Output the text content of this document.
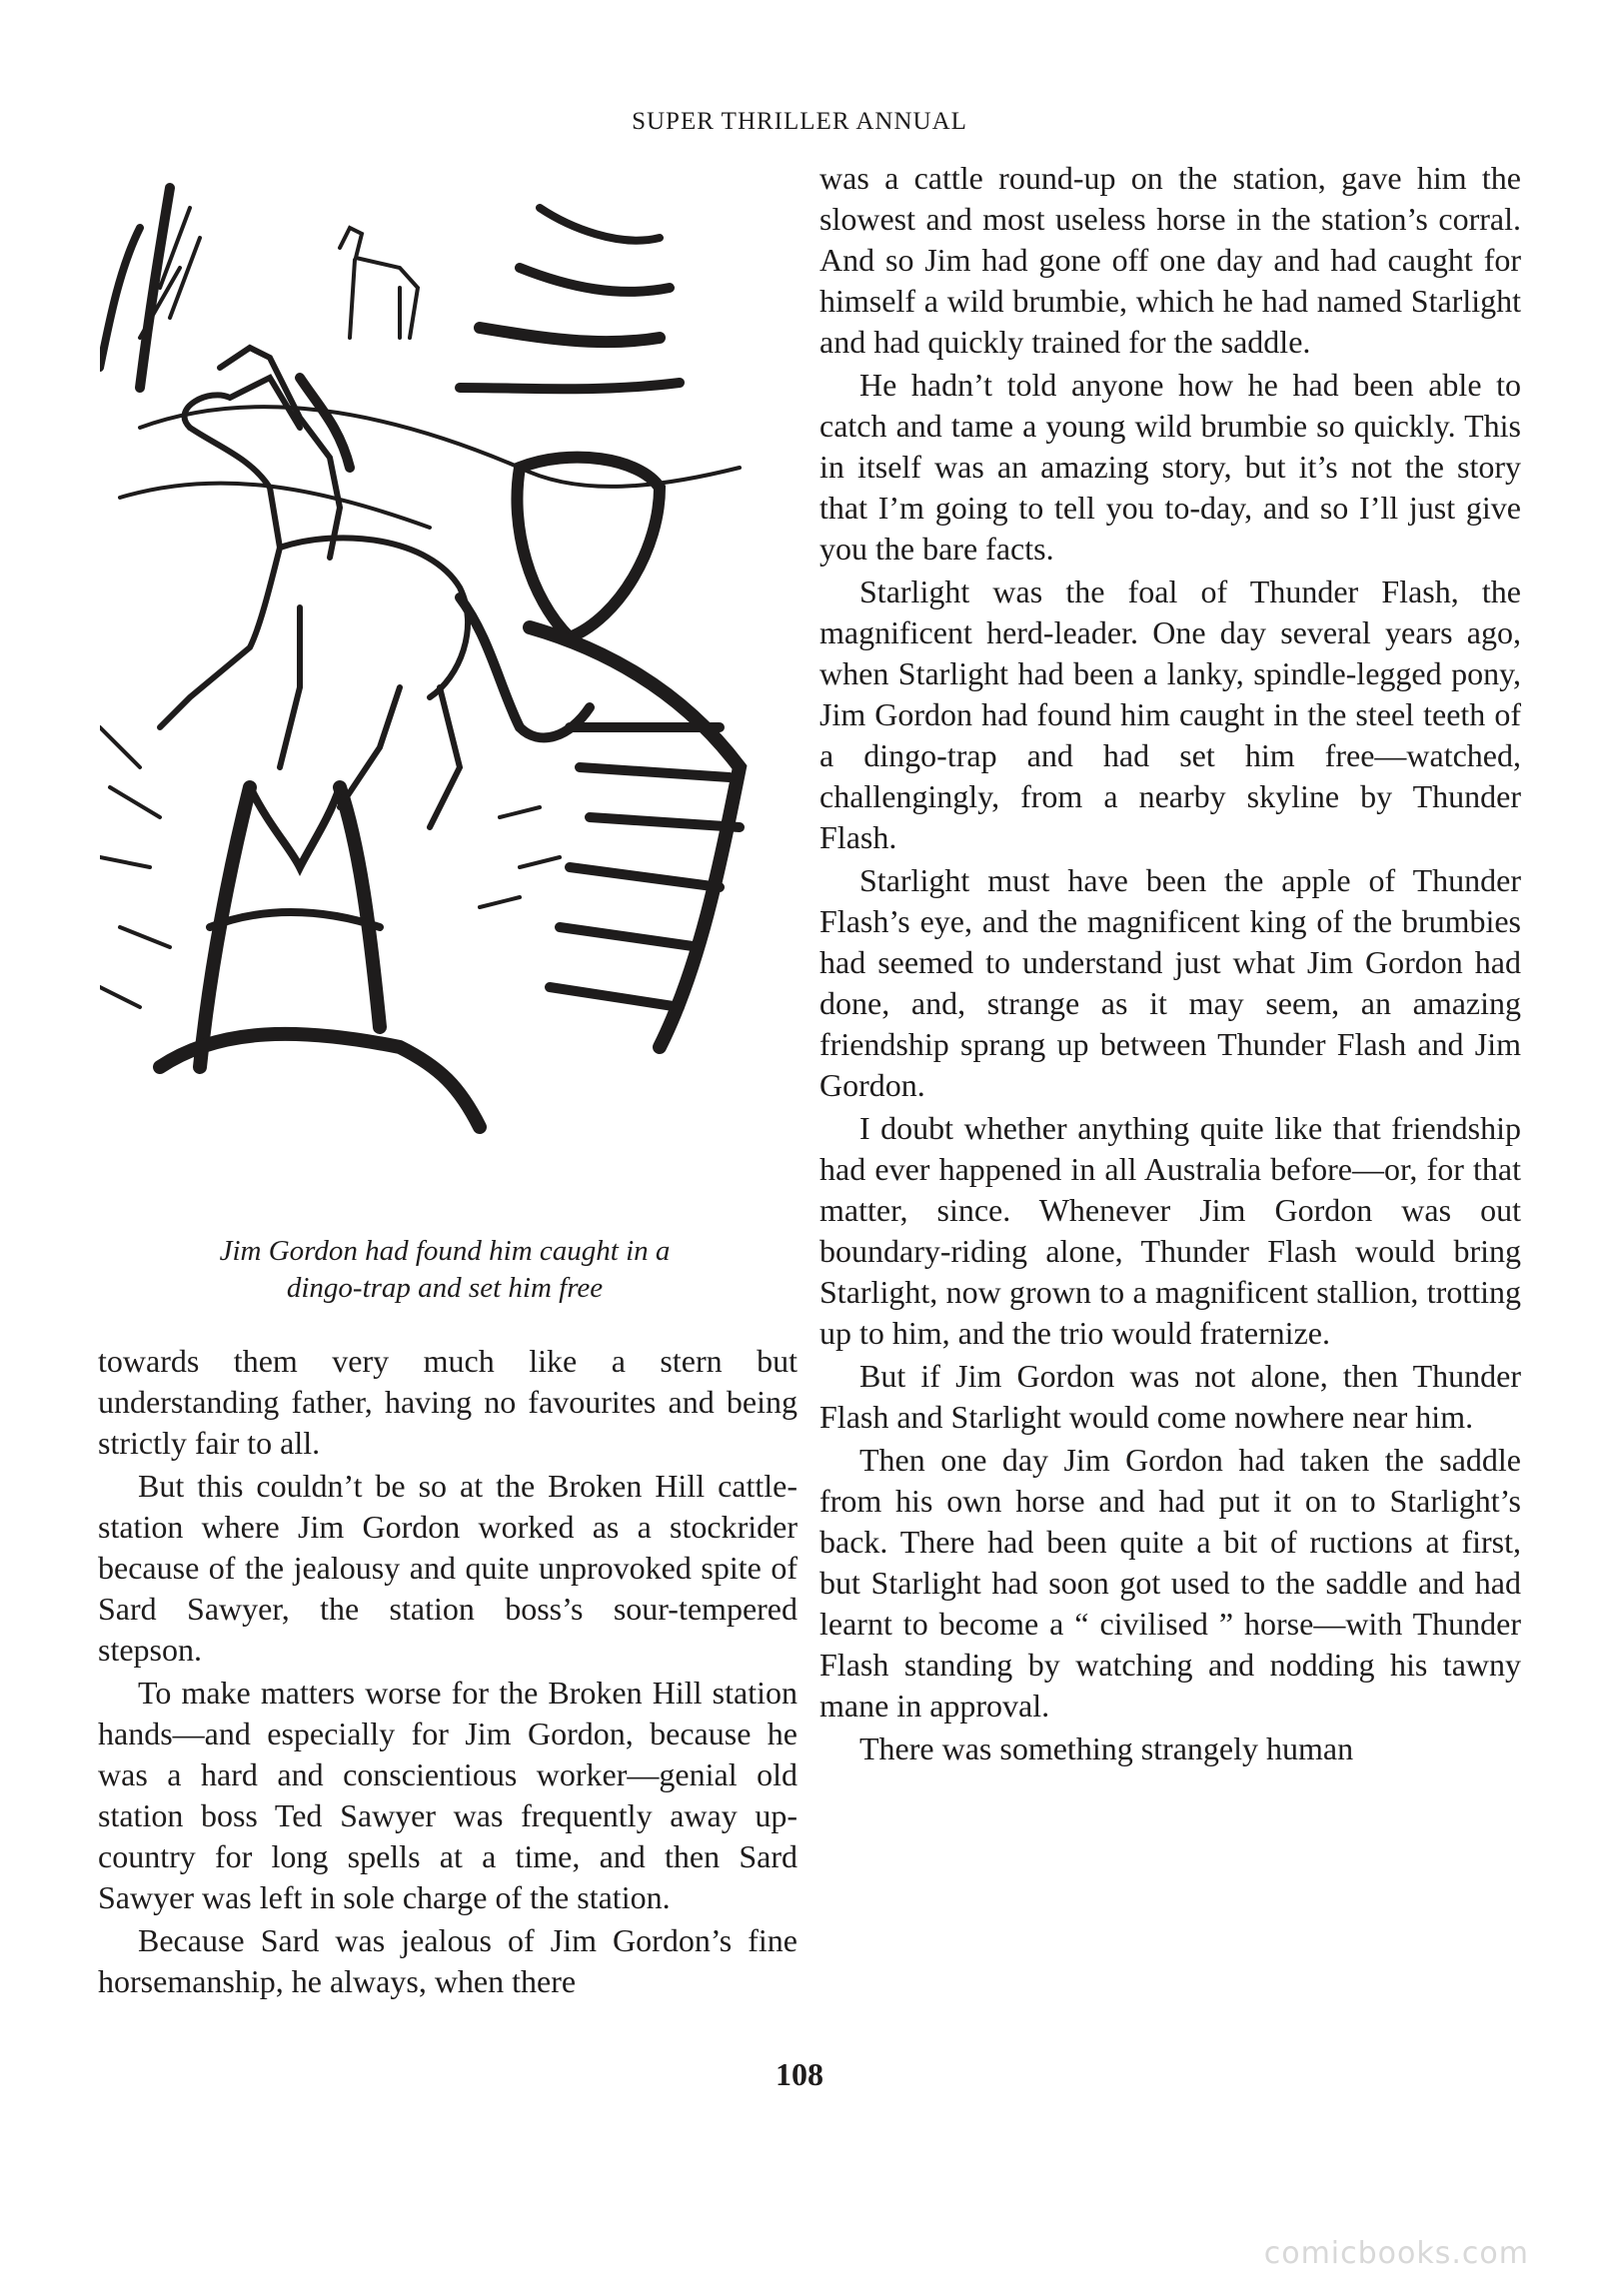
SUPER THRILLER ANNUAL
Jim Gordon had found him caught in a
dingo-trap and set him free

towards them very much like a stern but understanding father, having no favourites and being strictly fair to all.

But this couldn’t be so at the Broken Hill cattle-station where Jim Gordon worked as a stockrider because of the jealousy and quite unprovoked spite of Sard Sawyer, the station boss’s sour-tempered stepson.

To make matters worse for the Broken Hill station hands—and especially for Jim Gordon, because he was a hard and conscientious worker—genial old station boss Ted Sawyer was frequently away up-country for long spells at a time, and then Sard Sawyer was left in sole charge of the station.

Because Sard was jealous of Jim Gordon’s fine horsemanship, he always, when there

was a cattle round-up on the station, gave him the slowest and most useless horse in the station’s corral. And so Jim had gone off one day and had caught for himself a wild brumbie, which he had named Starlight and had quickly trained for the saddle.

He hadn’t told anyone how he had been able to catch and tame a young wild brumbie so quickly. This in itself was an amazing story, but it’s not the story that I’m going to tell you to-day, and so I’ll just give you the bare facts.

Starlight was the foal of Thunder Flash, the magnificent herd-leader. One day several years ago, when Starlight had been a lanky, spindle-legged pony, Jim Gordon had found him caught in the steel teeth of a dingo-trap and had set him free—watched, challengingly, from a nearby skyline by Thunder Flash.

Starlight must have been the apple of Thunder Flash’s eye, and the magnificent king of the brumbies had seemed to understand just what Jim Gordon had done, and, strange as it may seem, an amazing friendship sprang up between Thunder Flash and Jim Gordon.

I doubt whether anything quite like that friendship had ever happened in all Australia before—or, for that matter, since. Whenever Jim Gordon was out boundary-riding alone, Thunder Flash would bring Starlight, now grown to a magnificent stallion, trotting up to him, and the trio would fraternize.

But if Jim Gordon was not alone, then Thunder Flash and Starlight would come nowhere near him.

Then one day Jim Gordon had taken the saddle from his own horse and had put it on to Starlight’s back. There had been quite a bit of ructions at first, but Starlight had soon got used to the saddle and had learnt to become a “ civilised ” horse—with Thunder Flash standing by watching and nodding his tawny mane in approval.

There was something strangely human

108
comicbooks.com
